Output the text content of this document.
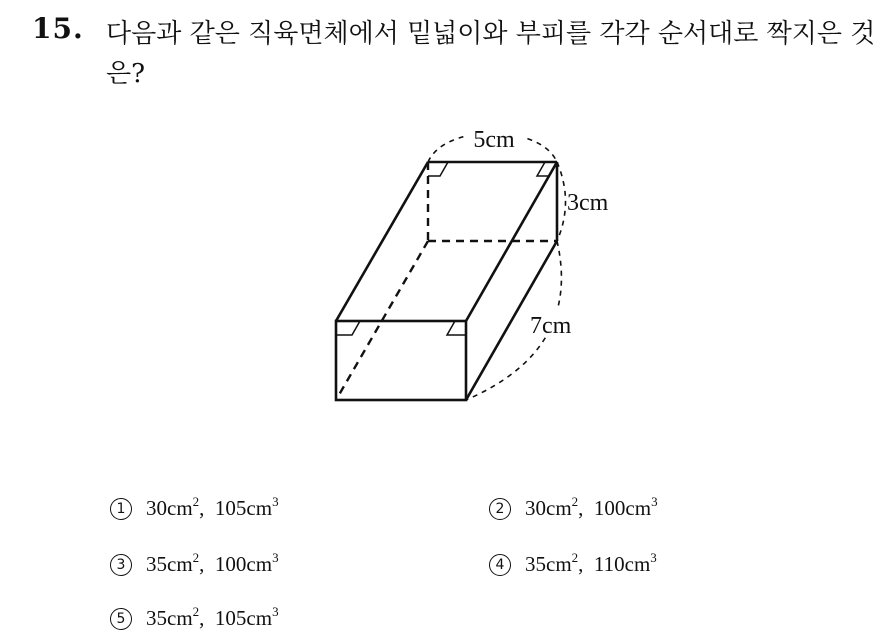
15. 다음과 같은 직육면체에서 밑넓이와 부피를 각각 순서대로 짝지은 것은?
5cm
3cm
7cm
1 $30cm^2$, $105cm^3$	2 $30cm^2$, $100cm^3$
3 $35cm^2$, $100cm^3$	4 $35cm^2$, $110cm^3$
5 $35cm^2$, $105cm^3$
